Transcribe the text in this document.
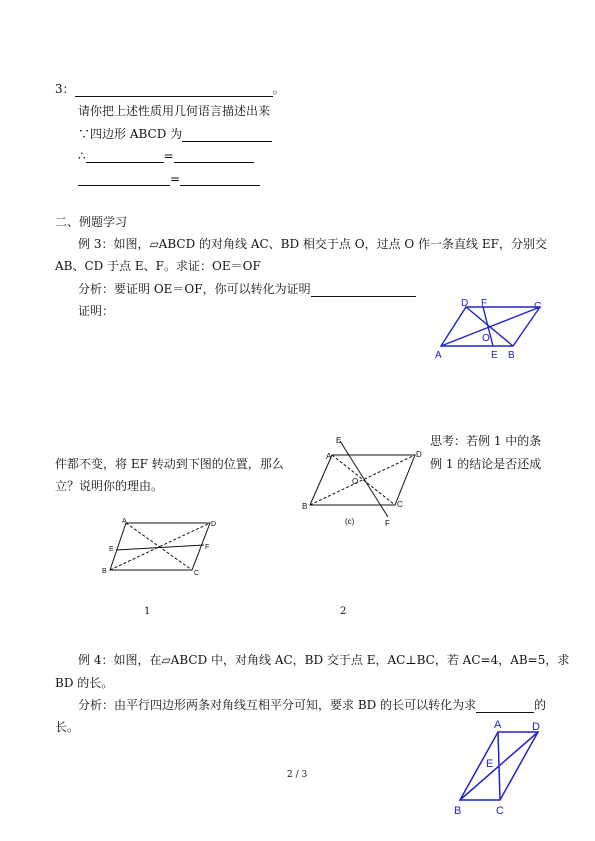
3：	。
请你把上述性质用几何语言描述出来
∵四边形 ABCD 为
∴	=
=
二、例题学习
例 3：如图，▱ABCD 的对角线 AC、BD 相交于点 O，过点 O 作一条直线 EF，分别交
AB、CD 于点 E、F。求证：OE＝OF
分析：要证明 OE＝OF，你可以转化为证明
证明：
A	E B
C
D F
O
思考：若例 1 中的条
例 1 的结论是否还成
件都不变，将 EF 转动到下图的位置，那么
立？说明你的理由。
E
A	D
B	C
F
O
(c)
A	D
B	C
E	F
1	2
例 4：如图，在▱ABCD 中，对角线 AC，BD 交于点 E，AC⊥BC，若 AC=4，AB=5，求
BD 的长。
分析：由平行四边形两条对角线互相平分可知，要求 BD 的长可以转化为求	的
长。	A	D
E
B	C
2 / 3
